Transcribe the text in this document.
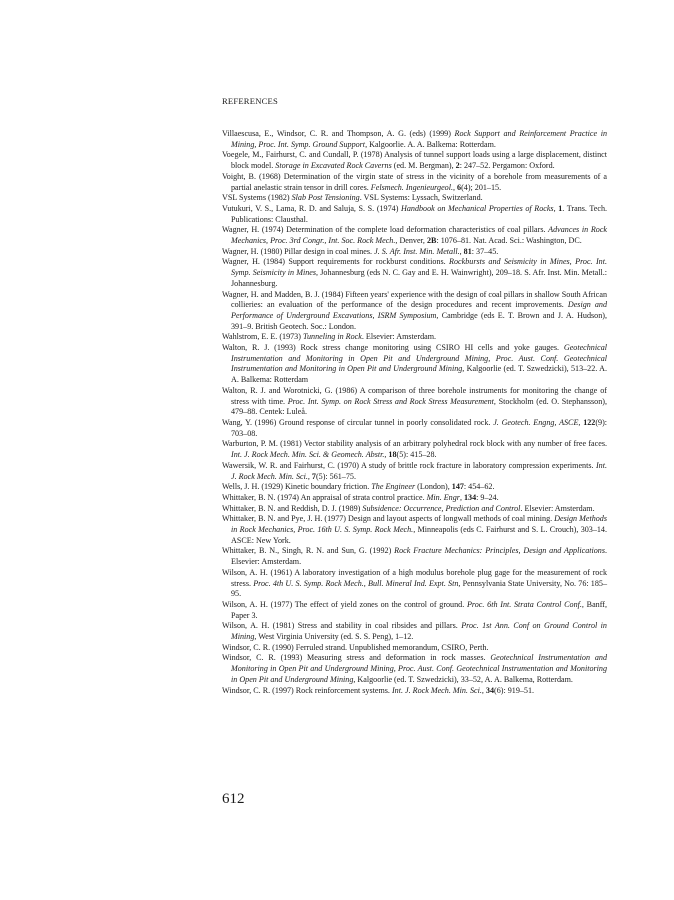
REFERENCES
Villaescusa, E., Windsor, C. R. and Thompson, A. G. (eds) (1999) Rock Support and Reinforcement Practice in Mining, Proc. Int. Symp. Ground Support, Kalgoorlie. A. A. Balkema: Rotterdam.
Voegele, M., Fairhurst, C. and Cundall, P. (1978) Analysis of tunnel support loads using a large displacement, distinct block model. Storage in Excavated Rock Caverns (ed. M. Bergman), 2: 247–52. Pergamon: Oxford.
Voight, B. (1968) Determination of the virgin state of stress in the vicinity of a borehole from measurements of a partial anelastic strain tensor in drill cores. Felsmech. Ingenieurgeol., 6(4); 201–15.
VSL Systems (1982) Slab Post Tensioning. VSL Systems: Lyssach, Switzerland.
Vutukuri, V. S., Lama, R. D. and Saluja, S. S. (1974) Handbook on Mechanical Properties of Rocks, 1. Trans. Tech. Publications: Clausthal.
Wagner, H. (1974) Determination of the complete load deformation characteristics of coal pillars. Advances in Rock Mechanics, Proc. 3rd Congr., Int. Soc. Rock Mech., Denver, 2B: 1076–81. Nat. Acad. Sci.: Washington, DC.
Wagner, H. (1980) Pillar design in coal mines. J. S. Afr. Inst. Min. Metall., 81: 37–45.
Wagner, H. (1984) Support requirements for rockburst conditions. Rockbursts and Seismicity in Mines, Proc. Int. Symp. Seismicity in Mines, Johannesburg (eds N. C. Gay and E. H. Wainwright), 209–18. S. Afr. Inst. Min. Metall.: Johannesburg.
Wagner, H. and Madden, B. J. (1984) Fifteen years' experience with the design of coal pillars in shallow South African collieries: an evaluation of the performance of the design procedures and recent improvements. Design and Performance of Underground Excavations, ISRM Symposium, Cambridge (eds E. T. Brown and J. A. Hudson), 391–9. British Geotech. Soc.: London.
Wahlstrom, E. E. (1973) Tunneling in Rock. Elsevier: Amsterdam.
Walton, R. J. (1993) Rock stress change monitoring using CSIRO HI cells and yoke gauges. Geotechnical Instrumentation and Monitoring in Open Pit and Underground Mining, Proc. Aust. Conf. Geotechnical Instrumentation and Monitoring in Open Pit and Underground Mining, Kalgoorlie (ed. T. Szwedzicki), 513–22. A. A. Balkema: Rotterdam
Walton, R. J. and Worotnicki, G. (1986) A comparison of three borehole instruments for monitoring the change of stress with time. Proc. Int. Symp. on Rock Stress and Rock Stress Measurement, Stockholm (ed. O. Stephansson), 479–88. Centek: Luleå.
Wang, Y. (1996) Ground response of circular tunnel in poorly consolidated rock. J. Geotech. Engng, ASCE, 122(9): 703–08.
Warburton, P. M. (1981) Vector stability analysis of an arbitrary polyhedral rock block with any number of free faces. Int. J. Rock Mech. Min. Sci. & Geomech. Abstr., 18(5): 415–28.
Wawersik, W. R. and Fairhurst, C. (1970) A study of brittle rock fracture in laboratory compression experiments. Int. J. Rock Mech. Min. Sci., 7(5): 561–75.
Wells, J. H. (1929) Kinetic boundary friction. The Engineer (London), 147: 454–62.
Whittaker, B. N. (1974) An appraisal of strata control practice. Min. Engr, 134: 9–24.
Whittaker, B. N. and Reddish, D. J. (1989) Subsidence: Occurrence, Prediction and Control. Elsevier: Amsterdam.
Whittaker, B. N. and Pye, J. H. (1977) Design and layout aspects of longwall methods of coal mining. Design Methods in Rock Mechanics, Proc. 16th U. S. Symp. Rock Mech., Minneapolis (eds C. Fairhurst and S. L. Crouch), 303–14. ASCE: New York.
Whittaker, B. N., Singh, R. N. and Sun, G. (1992) Rock Fracture Mechanics: Principles, Design and Applications. Elsevier: Amsterdam.
Wilson, A. H. (1961) A laboratory investigation of a high modulus borehole plug gage for the measurement of rock stress. Proc. 4th U. S. Symp. Rock Mech., Bull. Mineral Ind. Expt. Stn, Pennsylvania State University, No. 76: 185–95.
Wilson, A. H. (1977) The effect of yield zones on the control of ground. Proc. 6th Int. Strata Control Conf., Banff, Paper 3.
Wilson, A. H. (1981) Stress and stability in coal ribsides and pillars. Proc. 1st Ann. Conf on Ground Control in Mining, West Virginia University (ed. S. S. Peng), 1–12.
Windsor, C. R. (1990) Ferruled strand. Unpublished memorandum, CSIRO, Perth.
Windsor, C. R. (1993) Measuring stress and deformation in rock masses. Geotechnical Instrumentation and Monitoring in Open Pit and Underground Mining, Proc. Aust. Conf. Geotechnical Instrumentation and Monitoring in Open Pit and Underground Mining, Kalgoorlie (ed. T. Szwedzicki), 33–52, A. A. Balkema, Rotterdam.
Windsor, C. R. (1997) Rock reinforcement systems. Int. J. Rock Mech. Min. Sci., 34(6): 919–51.
612
